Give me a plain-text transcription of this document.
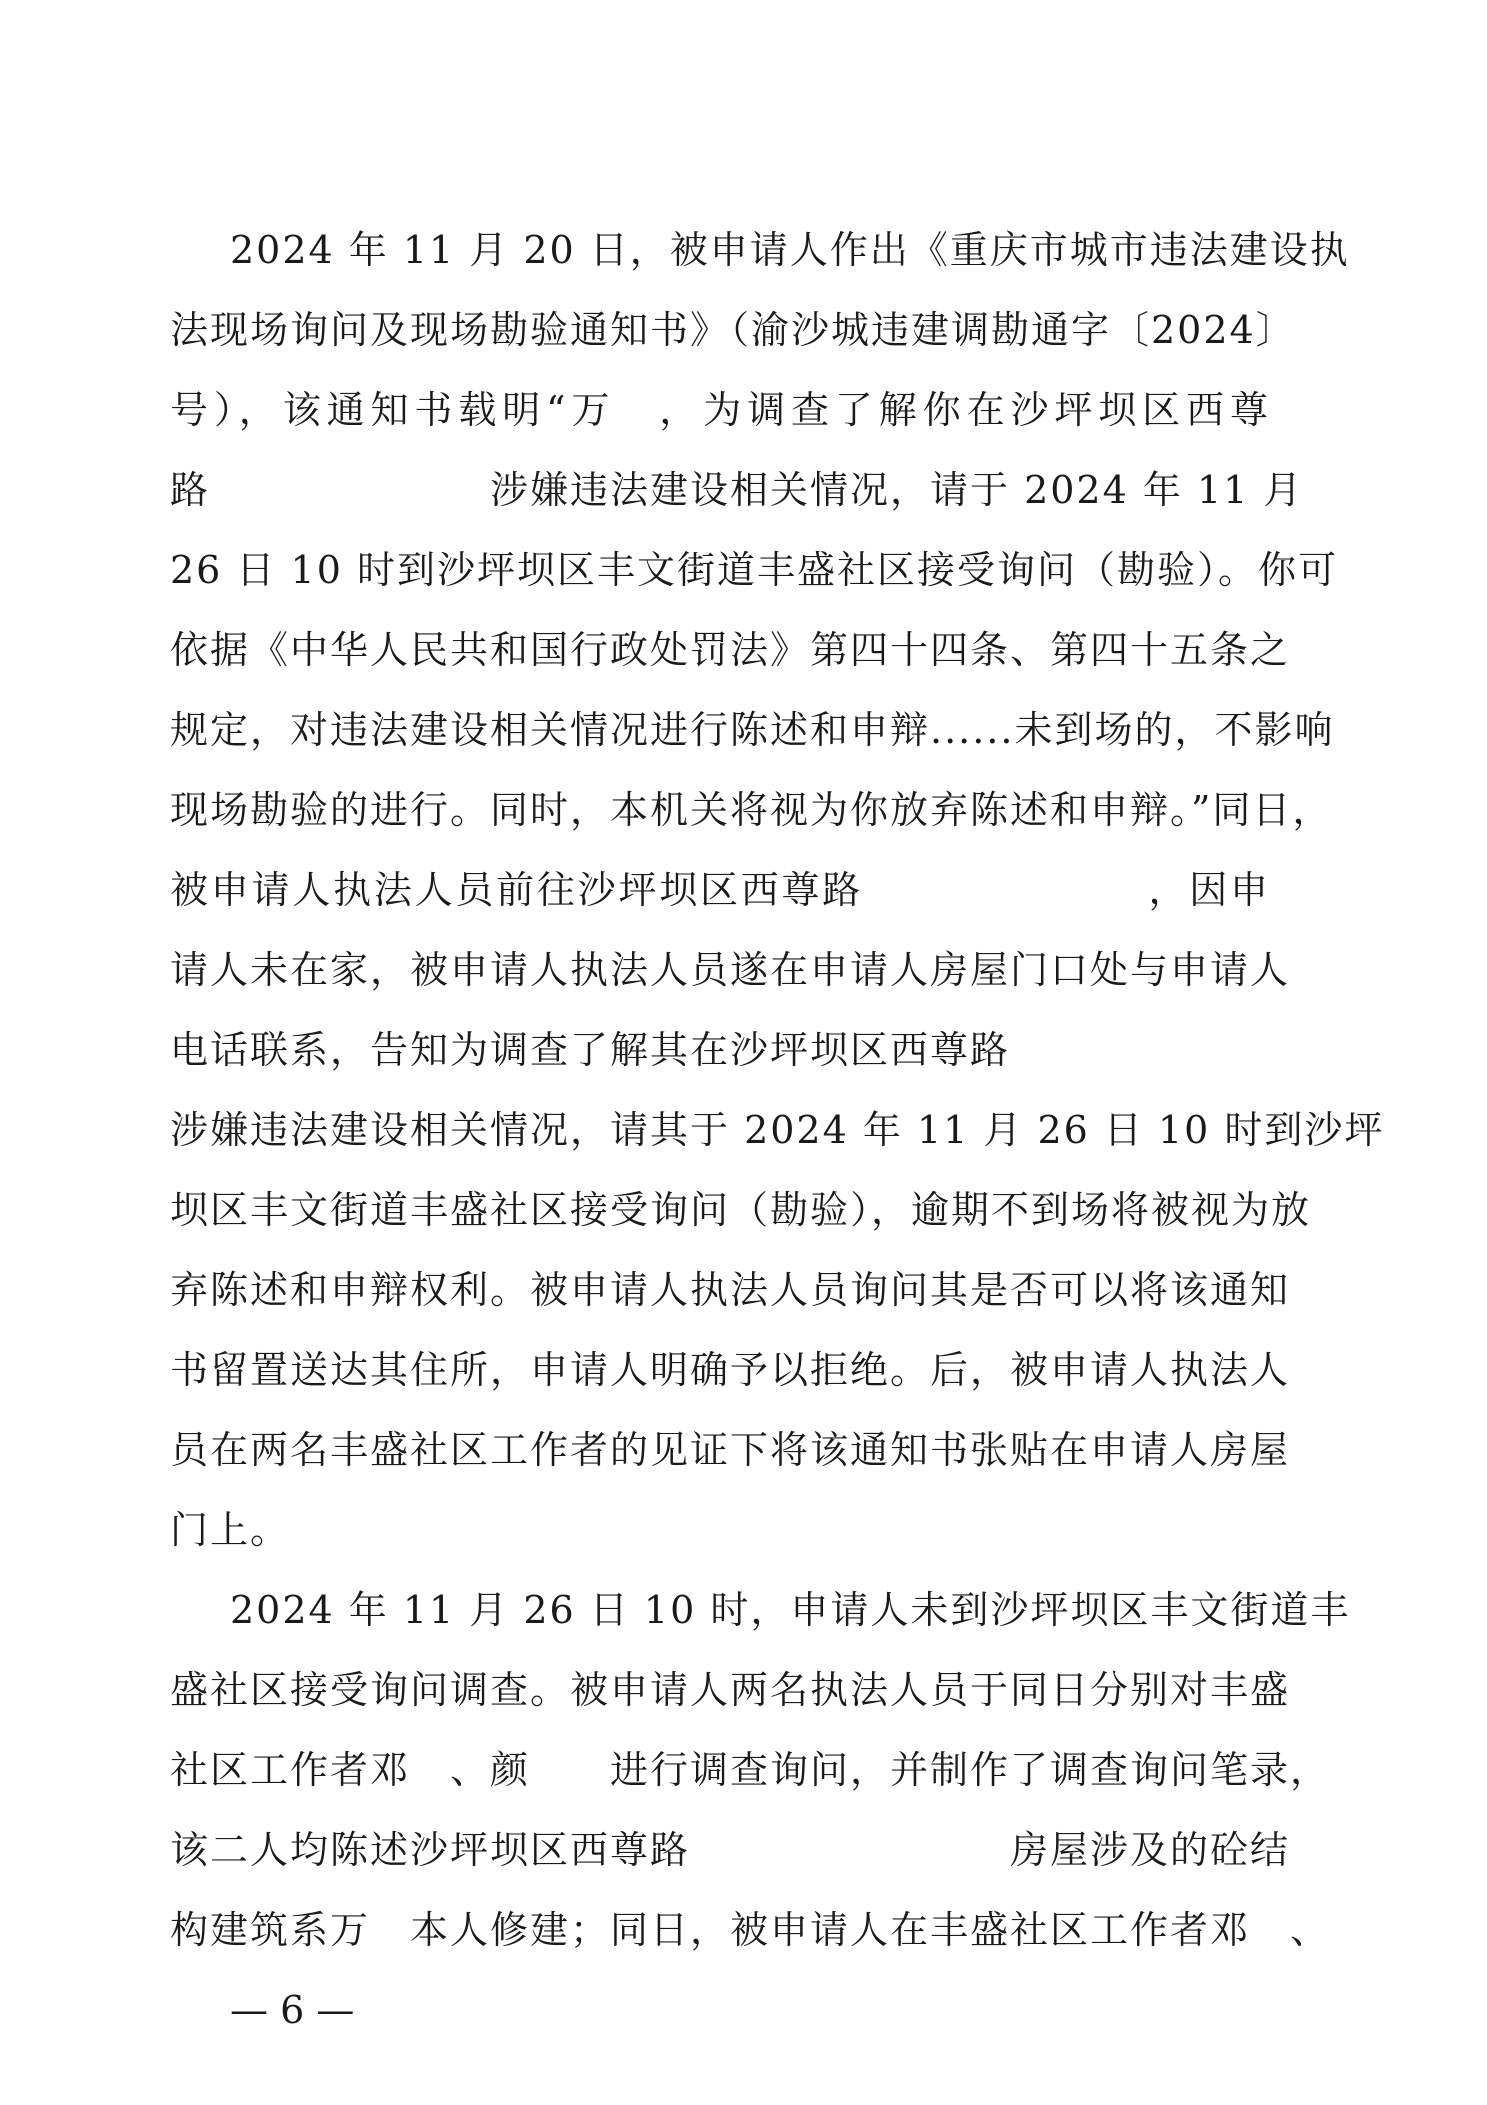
2024 年 11 月 20 日，被申请人作出《重庆市城市违法建设执
法现场询问及现场勘验通知书》（渝沙城违建调勘通字〔2024〕
号），该通知书载明“万　，为调查了解你在沙坪坝区西尊
路　　　　　　　涉嫌违法建设相关情况，请于 2024 年 11 月
26 日 10 时到沙坪坝区丰文街道丰盛社区接受询问（勘验）。你可
依据《中华人民共和国行政处罚法》第四十四条、第四十五条之
规定，对违法建设相关情况进行陈述和申辩......未到场的，不影响
现场勘验的进行。同时，本机关将视为你放弃陈述和申辩。”同日，
被申请人执法人员前往沙坪坝区西尊路　　　　　　　，因申
请人未在家，被申请人执法人员遂在申请人房屋门口处与申请人
电话联系，告知为调查了解其在沙坪坝区西尊路
涉嫌违法建设相关情况，请其于 2024 年 11 月 26 日 10 时到沙坪
坝区丰文街道丰盛社区接受询问（勘验），逾期不到场将被视为放
弃陈述和申辩权利。被申请人执法人员询问其是否可以将该通知
书留置送达其住所，申请人明确予以拒绝。后，被申请人执法人
员在两名丰盛社区工作者的见证下将该通知书张贴在申请人房屋
门上。
2024 年 11 月 26 日 10 时，申请人未到沙坪坝区丰文街道丰
盛社区接受询问调查。被申请人两名执法人员于同日分别对丰盛
社区工作者邓　、颜　　进行调查询问，并制作了调查询问笔录，
该二人均陈述沙坪坝区西尊路　　　　　　　　房屋涉及的砼结
构建筑系万　本人修建；同日，被申请人在丰盛社区工作者邓　、
— 6 —
